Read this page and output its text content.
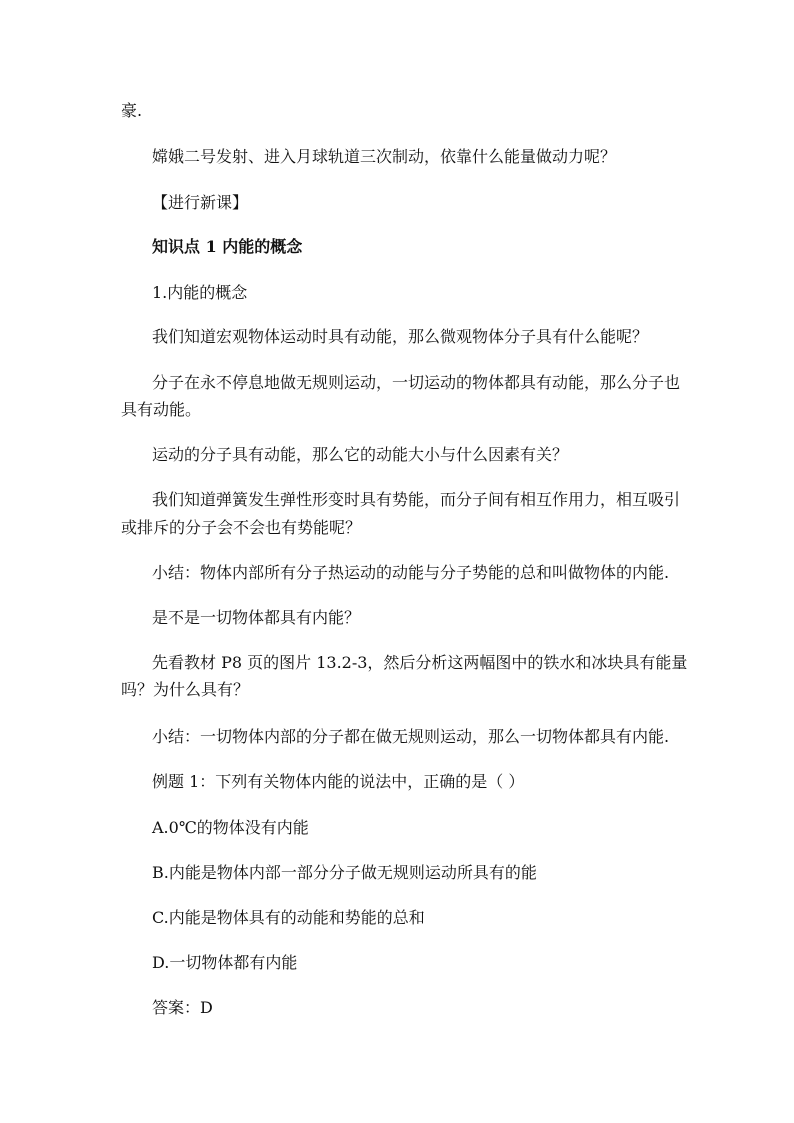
豪.
嫦娥二号发射、进入月球轨道三次制动，依靠什么能量做动力呢？
【进行新课】
知识点 1 内能的概念
1.内能的概念
我们知道宏观物体运动时具有动能，那么微观物体分子具有什么能呢？
分子在永不停息地做无规则运动，一切运动的物体都具有动能，那么分子也
具有动能。
运动的分子具有动能，那么它的动能大小与什么因素有关？
我们知道弹簧发生弹性形变时具有势能，而分子间有相互作用力，相互吸引
或排斥的分子会不会也有势能呢？
小结：物体内部所有分子热运动的动能与分子势能的总和叫做物体的内能.
是不是一切物体都具有内能？
先看教材 P8 页的图片 13.2-3，然后分析这两幅图中的铁水和冰块具有能量
吗？为什么具有？
小结：一切物体内部的分子都在做无规则运动，那么一切物体都具有内能.
例题 1：下列有关物体内能的说法中，正确的是（ ）
A.0℃的物体没有内能
B.内能是物体内部一部分分子做无规则运动所具有的能
C.内能是物体具有的动能和势能的总和
D.一切物体都有内能
答案：D
